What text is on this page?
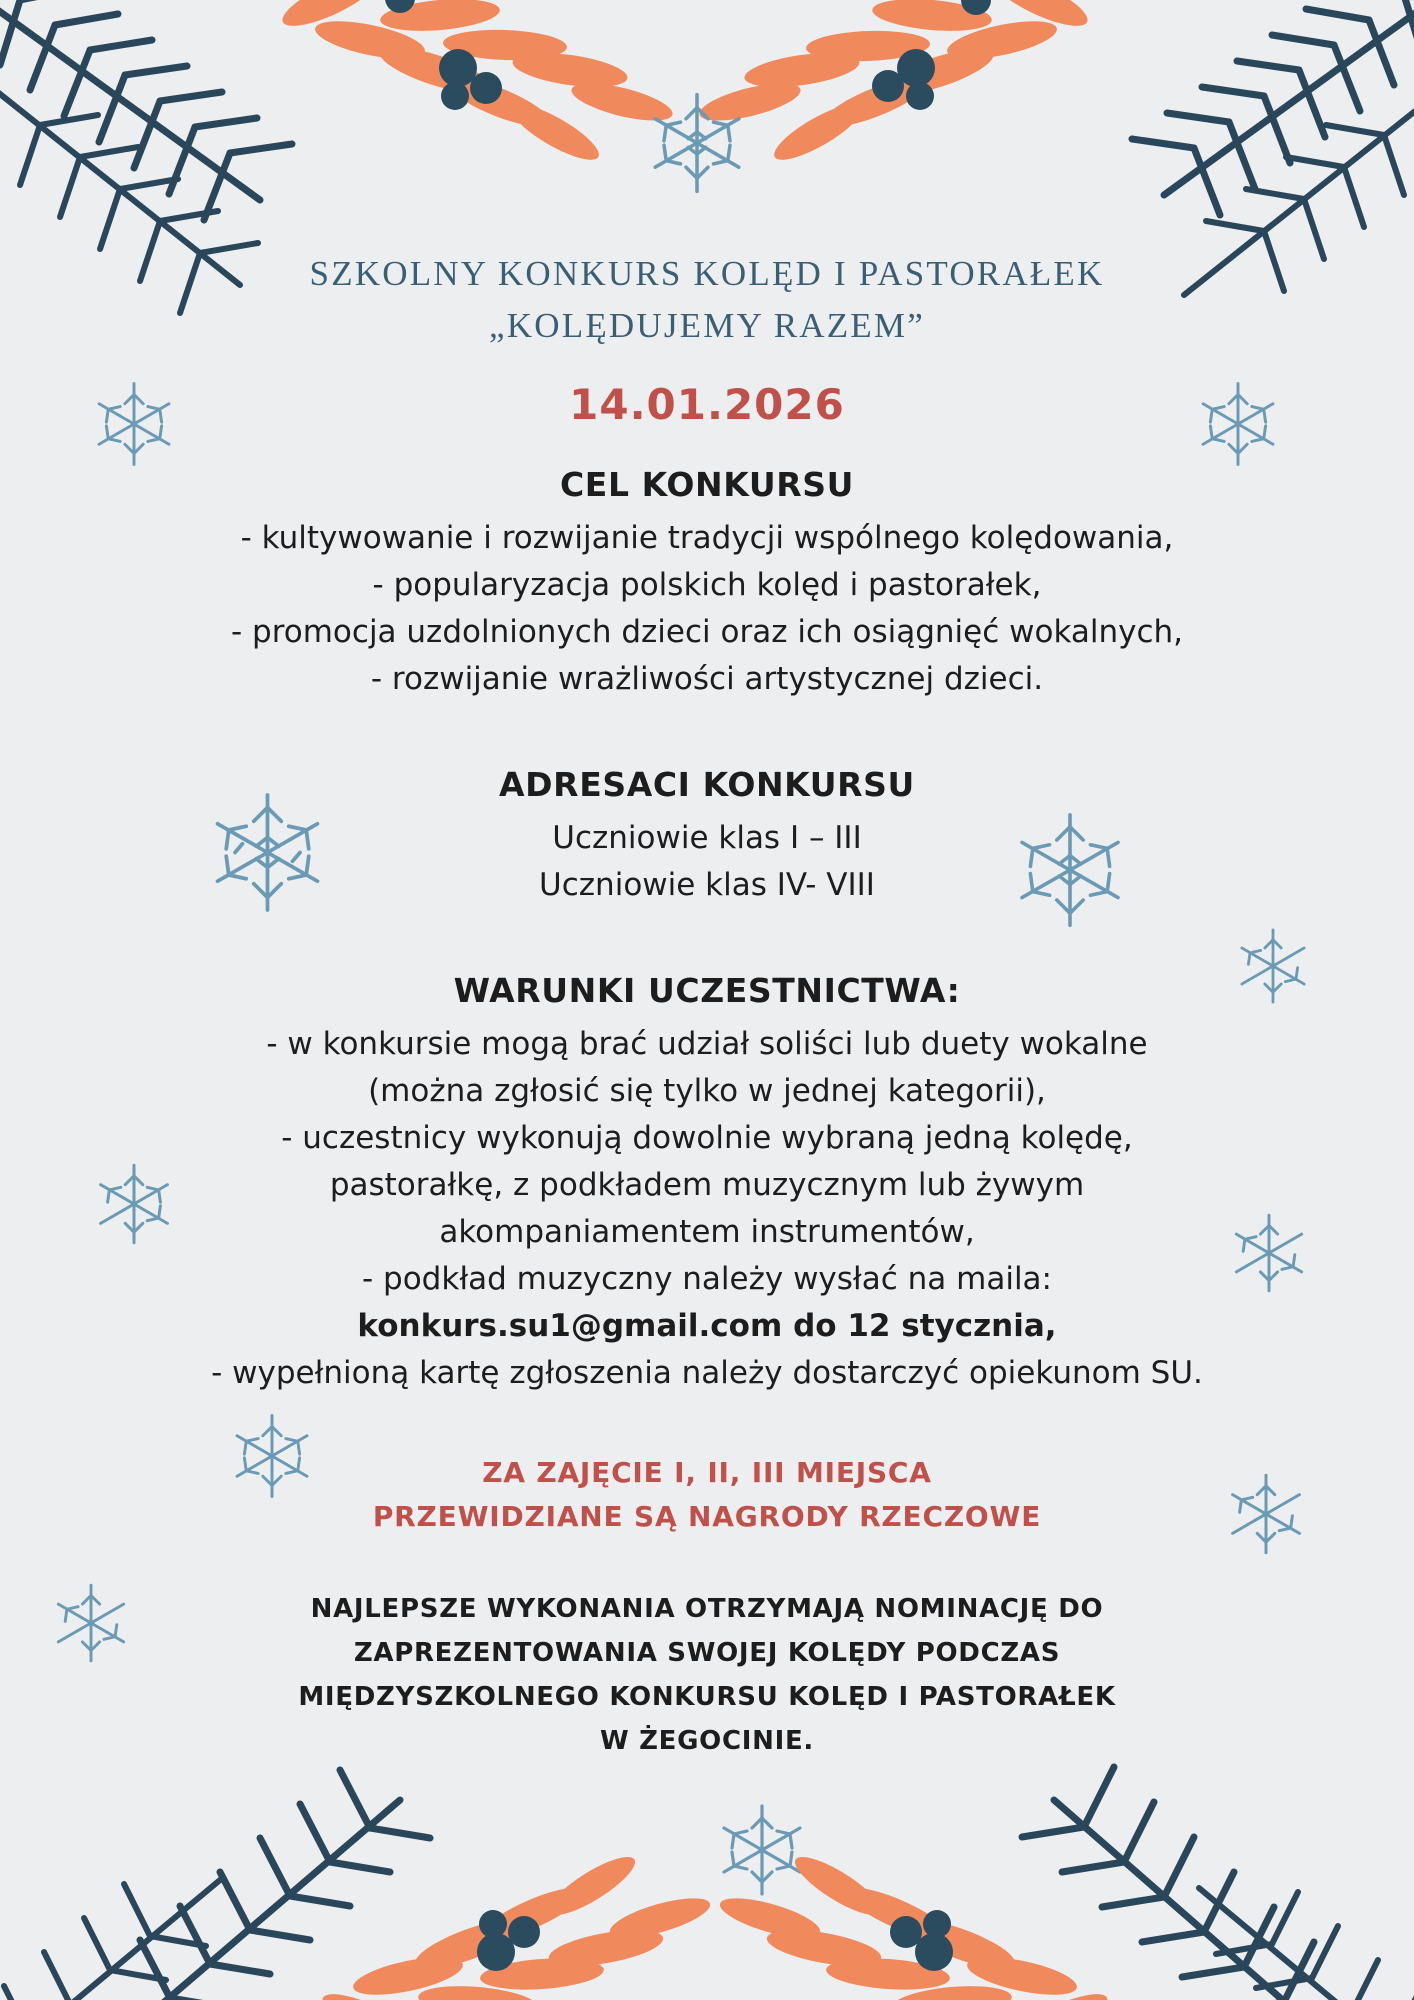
SZKOLNY KONKURS KOLĘD I PASTORAŁEK
„KOLĘDUJEMY RAZEM”
14.01.2026
CEL KONKURSU
- kultywowanie i rozwijanie tradycji wspólnego kolędowania,
- popularyzacja polskich kolęd i pastorałek,
- promocja uzdolnionych dzieci oraz ich osiągnięć wokalnych,
- rozwijanie wrażliwości artystycznej dzieci.
ADRESACI KONKURSU
Uczniowie klas I – III
Uczniowie klas IV- VIII
WARUNKI UCZESTNICTWA:
- w konkursie mogą brać udział soliści lub duety wokalne
(można zgłosić się tylko w jednej kategorii),
- uczestnicy wykonują dowolnie wybraną jedną kolędę,
pastorałkę, z podkładem muzycznym lub żywym
akompaniamentem instrumentów,
- podkład muzyczny należy wysłać na maila:
konkurs.su1@gmail.com do 12 stycznia,
- wypełnioną kartę zgłoszenia należy dostarczyć opiekunom SU.
ZA ZAJĘCIE I, II, III MIEJSCA
PRZEWIDZIANE SĄ NAGRODY RZECZOWE
NAJLEPSZE WYKONANIA OTRZYMAJĄ NOMINACJĘ DO
ZAPREZENTOWANIA SWOJEJ KOLĘDY PODCZAS
MIĘDZYSZKOLNEGO KONKURSU KOLĘD I PASTORAŁEK
W ŻEGOCINIE.
